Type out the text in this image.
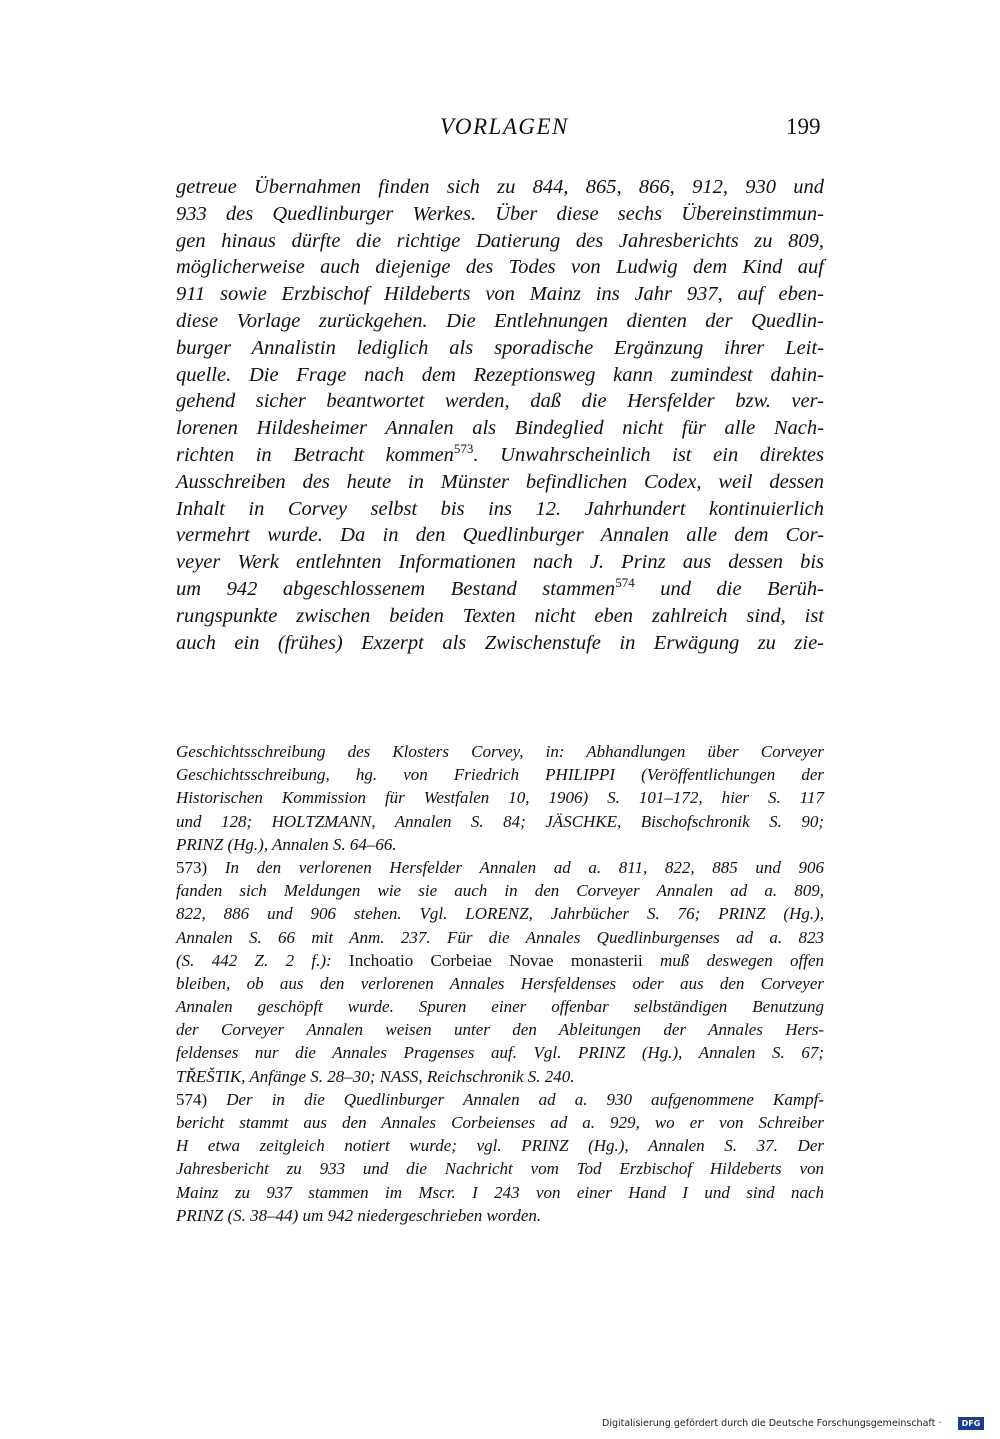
VORLAGEN	199
getreue Übernahmen finden sich zu 844, 865, 866, 912, 930 und
933 des Quedlinburger Werkes. Über diese sechs Übereinstimmun-
gen hinaus dürfte die richtige Datierung des Jahresberichts zu 809,
möglicherweise auch diejenige des Todes von Ludwig dem Kind auf
911 sowie Erzbischof Hildeberts von Mainz ins Jahr 937, auf eben-
diese Vorlage zurückgehen. Die Entlehnungen dienten der Quedlin-
burger Annalistin lediglich als sporadische Ergänzung ihrer Leit-
quelle. Die Frage nach dem Rezeptionsweg kann zumindest dahin-
gehend sicher beantwortet werden, daß die Hersfelder bzw. ver-
lorenen Hildesheimer Annalen als Bindeglied nicht für alle Nach-
richten in Betracht kommen$^{573}$. Unwahrscheinlich ist ein direktes
Ausschreiben des heute in Münster befindlichen Codex, weil dessen
Inhalt in Corvey selbst bis ins 12. Jahrhundert kontinuierlich
vermehrt wurde. Da in den Quedlinburger Annalen alle dem Cor-
veyer Werk entlehnten Informationen nach J. Prinz aus dessen bis
um 942 abgeschlossenem Bestand stammen$^{574}$ und die Berüh-
rungspunkte zwischen beiden Texten nicht eben zahlreich sind, ist
auch ein (frühes) Exzerpt als Zwischenstufe in Erwägung zu zie-
Geschichtsschreibung des Klosters Corvey, in: Abhandlungen über Corveyer
Geschichtsschreibung, hg. von Friedrich PHILIPPI (Veröffentlichungen der
Historischen Kommission für Westfalen 10, 1906) S. 101–172, hier S. 117
und 128; HOLTZMANN, Annalen S. 84; JÄSCHKE, Bischofschronik S. 90;
PRINZ (Hg.), Annalen S. 64–66.
573) In den verlorenen Hersfelder Annalen ad a. 811, 822, 885 und 906
fanden sich Meldungen wie sie auch in den Corveyer Annalen ad a. 809,
822, 886 und 906 stehen. Vgl. LORENZ, Jahrbücher S. 76; PRINZ (Hg.),
Annalen S. 66 mit Anm. 237. Für die Annales Quedlinburgenses ad a. 823
(S. 442 Z. 2 f.): Inchoatio Corbeiae Novae monasterii muß deswegen offen
bleiben, ob aus den verlorenen Annales Hersfeldenses oder aus den Corveyer
Annalen geschöpft wurde. Spuren einer offenbar selbständigen Benutzung
der Corveyer Annalen weisen unter den Ableitungen der Annales Hers-
feldenses nur die Annales Pragenses auf. Vgl. PRINZ (Hg.), Annalen S. 67;
TŘEŠTIK, Anfänge S. 28–30; NASS, Reichschronik S. 240.
574) Der in die Quedlinburger Annalen ad a. 930 aufgenommene Kampf-
bericht stammt aus den Annales Corbeienses ad a. 929, wo er von Schreiber
H etwa zeitgleich notiert wurde; vgl. PRINZ (Hg.), Annalen S. 37. Der
Jahresbericht zu 933 und die Nachricht vom Tod Erzbischof Hildeberts von
Mainz zu 937 stammen im Mscr. I 243 von einer Hand I und sind nach
PRINZ (S. 38–44) um 942 niedergeschrieben worden.
Digitalisierung gefördert durch die Deutsche Forschungsgemeinschaft ·	DFG
